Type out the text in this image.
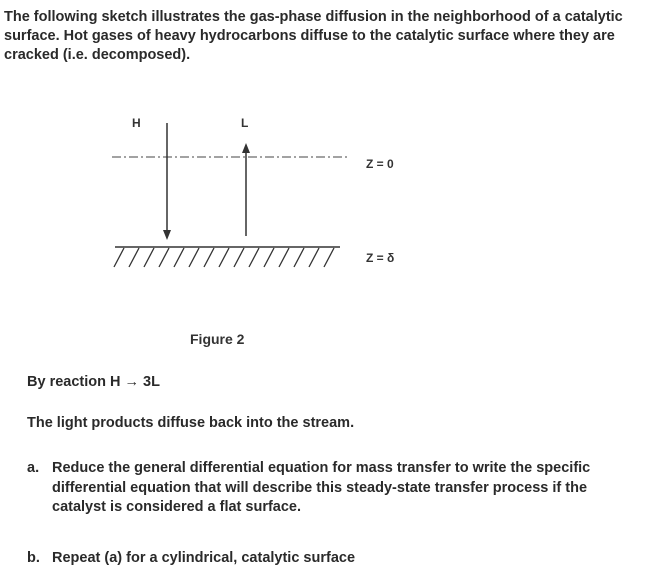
The following sketch illustrates the gas-phase diffusion in the neighborhood of a catalytic
surface. Hot gases of heavy hydrocarbons diffuse to the catalytic surface where they are
cracked (i.e. decomposed).
H	L
Z = 0
Z = δ
Figure 2
By reaction H → 3L
The light products diffuse back into the stream.
a. Reduce the general differential equation for mass transfer to write the specific
differential equation that will describe this steady-state transfer process if the
catalyst is considered a flat surface.
b. Repeat (a) for a cylindrical, catalytic surface
